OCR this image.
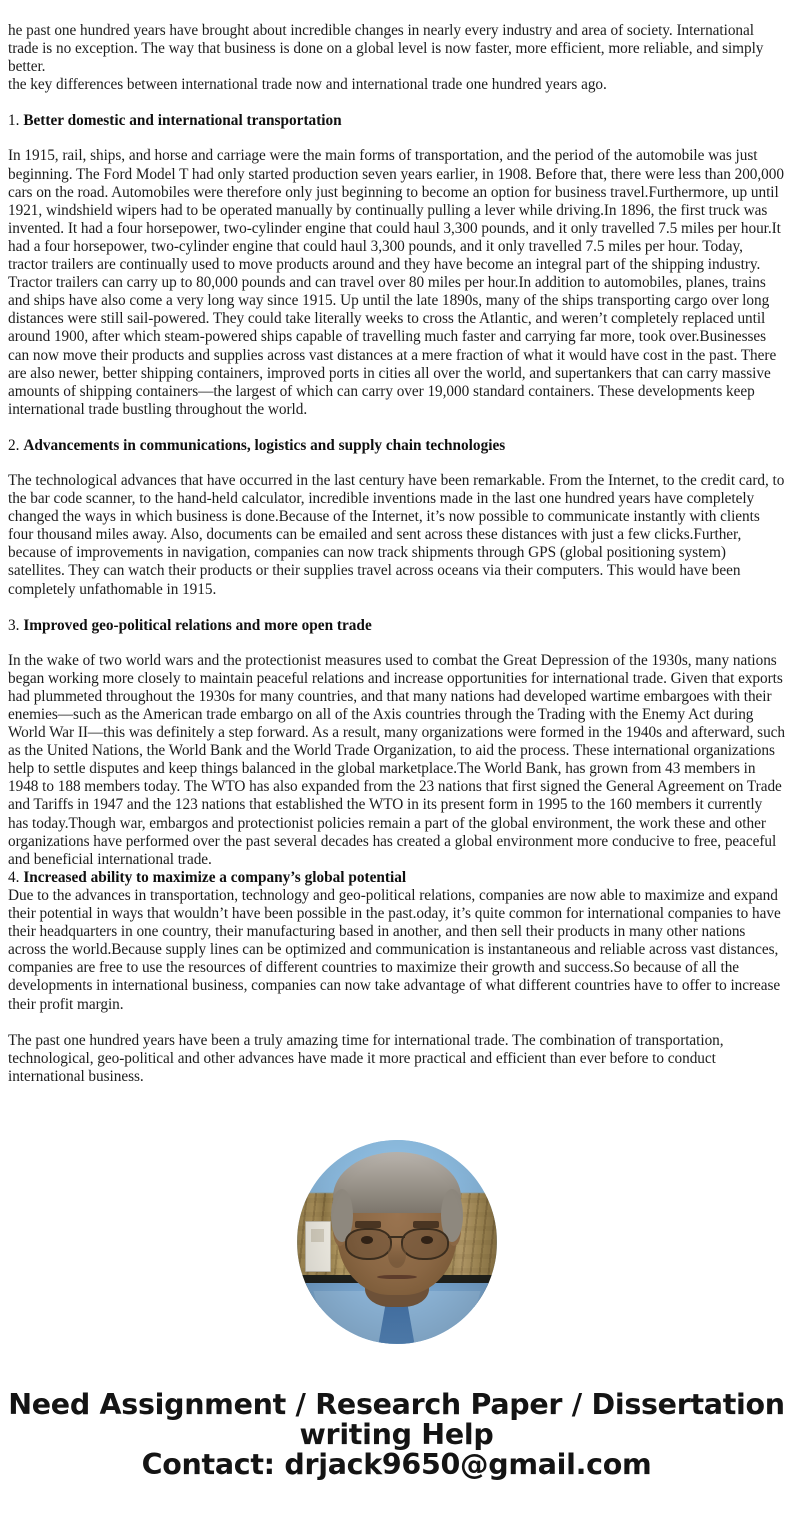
he past one hundred years have brought about incredible changes in nearly every industry and area of society. International trade is no exception. The way that business is done on a global level is now faster, more efficient, more reliable, and simply better.

the key differences between international trade now and international trade one hundred years ago.

1. Better domestic and international transportation

In 1915, rail, ships, and horse and carriage were the main forms of transportation, and the period of the automobile was just beginning. The Ford Model T had only started production seven years earlier, in 1908. Before that, there were less than 200,000 cars on the road. Automobiles were therefore only just beginning to become an option for business travel.Furthermore, up until 1921, windshield wipers had to be operated manually by continually pulling a lever while driving.In 1896, the first truck was invented. It had a four horsepower, two-cylinder engine that could haul 3,300 pounds, and it only travelled 7.5 miles per hour.It had a four horsepower, two-cylinder engine that could haul 3,300 pounds, and it only travelled 7.5 miles per hour. Today, tractor trailers are continually used to move products around and they have become an integral part of the shipping industry. Tractor trailers can carry up to 80,000 pounds and can travel over 80 miles per hour.In addition to automobiles, planes, trains and ships have also come a very long way since 1915. Up until the late 1890s, many of the ships transporting cargo over long distances were still sail-powered. They could take literally weeks to cross the Atlantic, and weren’t completely replaced until around 1900, after which steam-powered ships capable of travelling much faster and carrying far more, took over.Businesses can now move their products and supplies across vast distances at a mere fraction of what it would have cost in the past. There are also newer, better shipping containers, improved ports in cities all over the world, and supertankers that can carry massive amounts of shipping containers—the largest of which can carry over 19,000 standard containers. These developments keep international trade bustling throughout the world.

2. Advancements in communications, logistics and supply chain technologies

The technological advances that have occurred in the last century have been remarkable. From the Internet, to the credit card, to the bar code scanner, to the hand-held calculator, incredible inventions made in the last one hundred years have completely changed the ways in which business is done.Because of the Internet, it’s now possible to communicate instantly with clients four thousand miles away. Also, documents can be emailed and sent across these distances with just a few clicks.Further, because of improvements in navigation, companies can now track shipments through GPS (global positioning system) satellites. They can watch their products or their supplies travel across oceans via their computers. This would have been completely unfathomable in 1915.

3. Improved geo-political relations and more open trade

In the wake of two world wars and the protectionist measures used to combat the Great Depression of the 1930s, many nations began working more closely to maintain peaceful relations and increase opportunities for international trade. Given that exports had plummeted throughout the 1930s for many countries, and that many nations had developed wartime embargoes with their enemies—such as the American trade embargo on all of the Axis countries through the Trading with the Enemy Act during World War II—this was definitely a step forward. As a result, many organizations were formed in the 1940s and afterward, such as the United Nations, the World Bank and the World Trade Organization, to aid the process. These international organizations help to settle disputes and keep things balanced in the global marketplace.The World Bank, has grown from 43 members in 1948 to 188 members today. The WTO has also expanded from the 23 nations that first signed the General Agreement on Trade and Tariffs in 1947 and the 123 nations that established the WTO in its present form in 1995 to the 160 members it currently has today.Though war, embargos and protectionist policies remain a part of the global environment, the work these and other organizations have performed over the past several decades has created a global environment more conducive to free, peaceful and beneficial international trade.

4. Increased ability to maximize a company’s global potential

Due to the advances in transportation, technology and geo-political relations, companies are now able to maximize and expand their potential in ways that wouldn’t have been possible in the past.oday, it’s quite common for international companies to have their headquarters in one country, their manufacturing based in another, and then sell their products in many other nations across the world.Because supply lines can be optimized and communication is instantaneous and reliable across vast distances, companies are free to use the resources of different countries to maximize their growth and success.So because of all the developments in international business, companies can now take advantage of what different countries have to offer to increase their profit margin.

The past one hundred years have been a truly amazing time for international trade. The combination of transportation, technological, geo-political and other advances have made it more practical and efficient than ever before to conduct international business.

Need Assignment / Research Paper / Dissertation
writing Help
Contact: drjack9650@gmail.com
